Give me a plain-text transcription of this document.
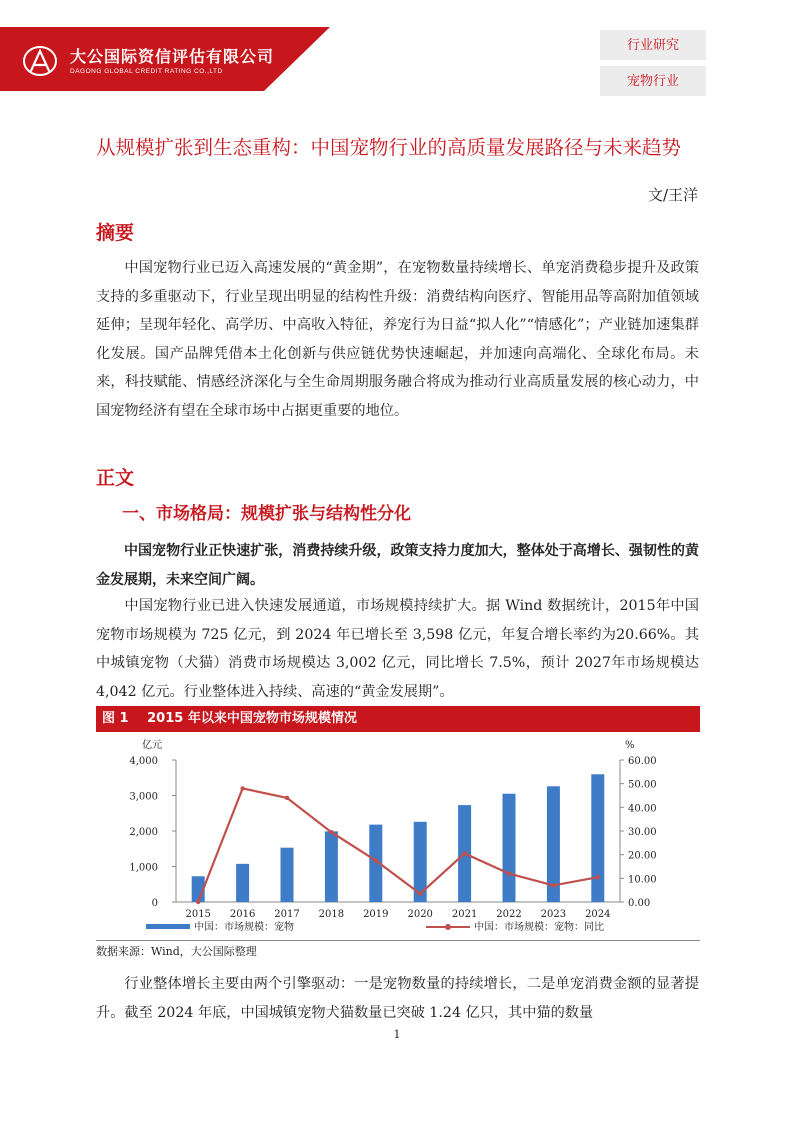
大公国际资信评估有限公司
DAGONG GLOBAL CREDIT RATING CO.,LTD
行业研究
宠物行业
从规模扩张到生态重构：中国宠物行业的高质量发展路径与未来趋势
文/王洋
摘要
中国宠物行业已迈入高速发展的“黄金期”，在宠物数量持续增长、单宠消费稳步提升及政策支持的多重驱动下，行业呈现出明显的结构性升级：消费结构向医疗、智能用品等高附加值领域延伸；呈现年轻化、高学历、中高收入特征，养宠行为日益“拟人化”“情感化”；产业链加速集群化发展。国产品牌凭借本土化创新与供应链优势快速崛起，并加速向高端化、全球化布局。未来，科技赋能、情感经济深化与全生命周期服务融合将成为推动行业高质量发展的核心动力，中国宠物经济有望在全球市场中占据更重要的地位。
正文
一、市场格局：规模扩张与结构性分化
中国宠物行业正快速扩张，消费持续升级，政策支持力度加大，整体处于高增长、强韧性的黄金发展期，未来空间广阔。
中国宠物行业已进入快速发展通道，市场规模持续扩大。据 Wind 数据统计，2015年中国宠物市场规模为 725 亿元，到 2024 年已增长至 3,598 亿元，年复合增长率约为20.66%。其中城镇宠物（犬猫）消费市场规模达 3,002 亿元，同比增长 7.5%，预计 2027年市场规模达 4,042 亿元。行业整体进入持续、高速的“黄金发展期”。
图 1 2015 年以来中国宠物市场规模情况
亿元	%
0
1,000
2,000
3,000
4,000
0.00
10.00
20.00
30.00
40.00
50.00
60.00
2015 2016 2017 2018 2019 2020 2021 2022 2023 2024
中国：市场规模：宠物	中国：市场规模：宠物：同比
数据来源：Wind，大公国际整理
行业整体增长主要由两个引擎驱动：一是宠物数量的持续增长，二是单宠消费金额的显著提升。截至 2024 年底，中国城镇宠物犬猫数量已突破 1.24 亿只，其中猫的数量
1
